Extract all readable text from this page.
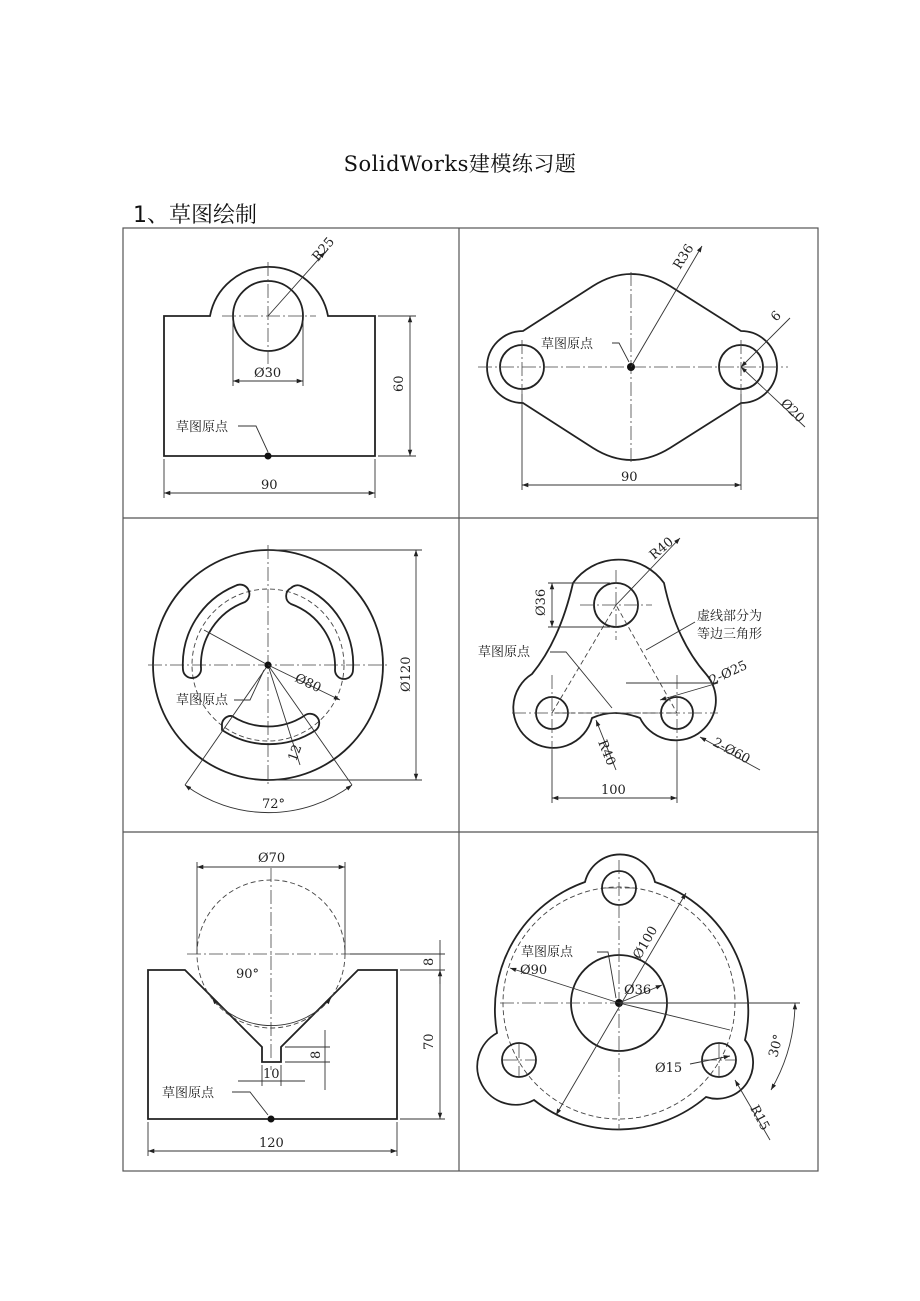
SolidWorks建模练习题
1、草图绘制
R25
Ø30
60
90
草图原点
草图原点
R36
6
Ø20
90
Ø80
草图原点
12
72°
Ø120
R40
Ø36
虚线部分为
等边三角形
草图原点
2-Ø25
2-Ø60
R40
100
Ø70
8
90°
8
10
70
120
草图原点
Ø100
Ø90
Ø36
草图原点
Ø15
30°
R15
